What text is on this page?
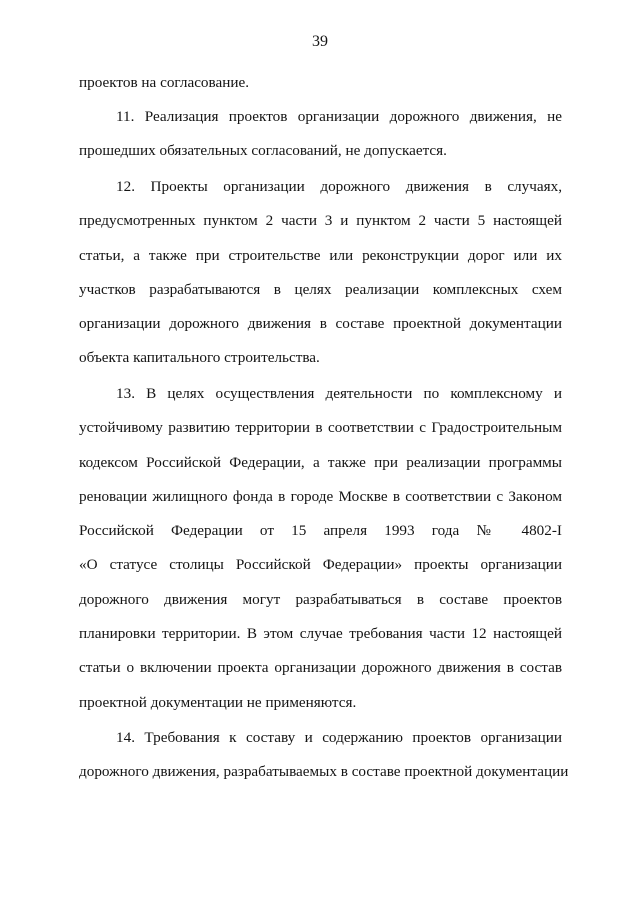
39
проектов на согласование.
11. Реализация проектов организации дорожного движения, не
прошедших обязательных согласований, не допускается.
12. Проекты организации дорожного движения в случаях,
предусмотренных пунктом 2 части 3 и пунктом 2 части 5 настоящей
статьи, а также при строительстве или реконструкции дорог или их
участков разрабатываются в целях реализации комплексных схем
организации дорожного движения в составе проектной документации
объекта капитального строительства.
13. В целях осуществления деятельности по комплексному и
устойчивому развитию территории в соответствии с Градостроительным
кодексом Российской Федерации, а также при реализации программы
реновации жилищного фонда в городе Москве в соответствии с Законом
Российской Федерации от 15 апреля 1993 года № 4802-I
«О статусе столицы Российской Федерации» проекты организации
дорожного движения могут разрабатываться в составе проектов
планировки территории. В этом случае требования части 12 настоящей
статьи о включении проекта организации дорожного движения в состав
проектной документации не применяются.
14. Требования к составу и содержанию проектов организации
дорожного движения, разрабатываемых в составе проектной документации
